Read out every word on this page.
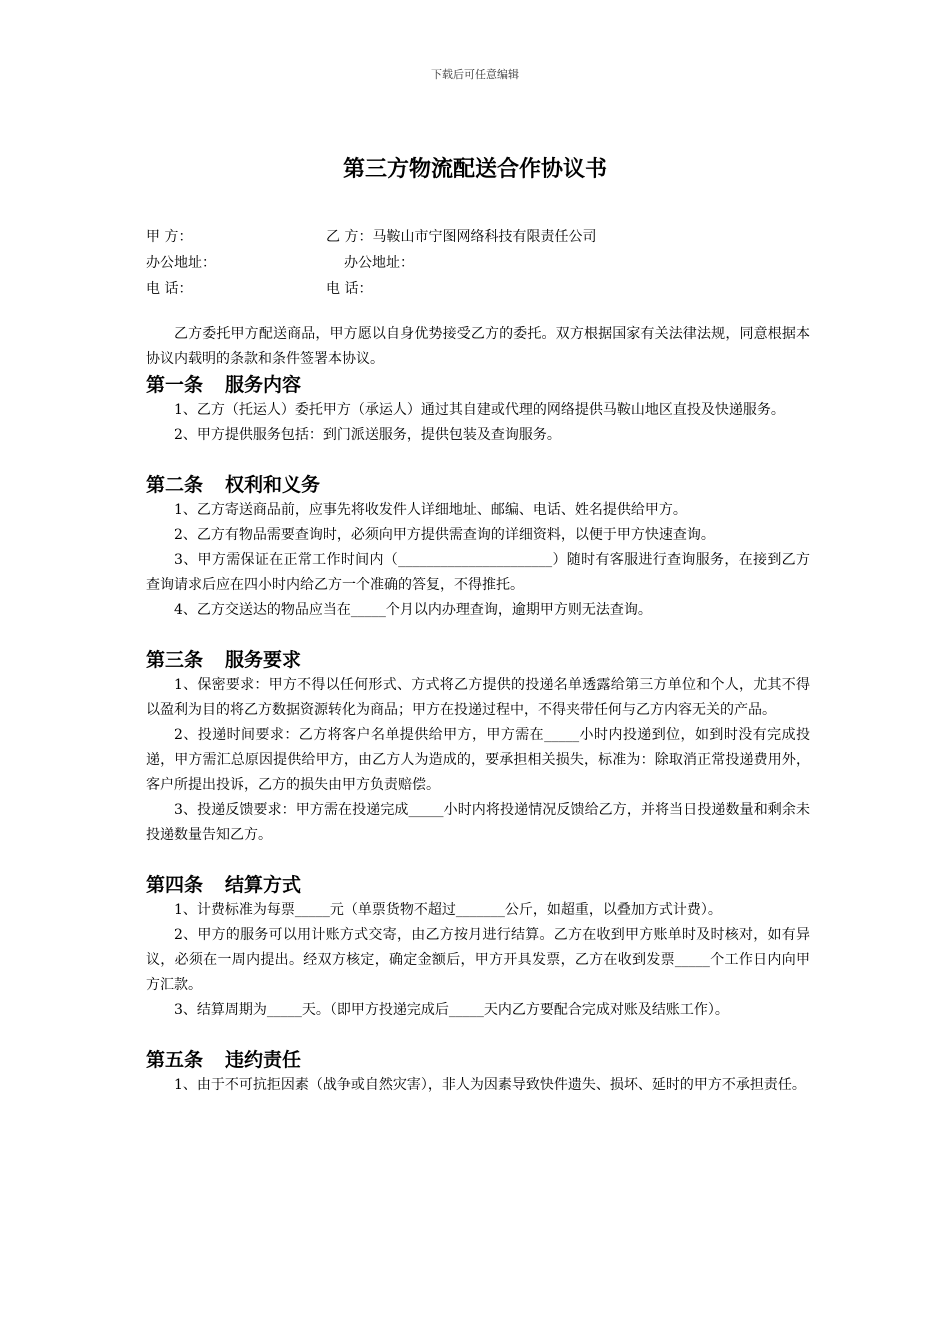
下载后可任意编辑
第三方物流配送合作协议书
甲 方：	乙 方：马鞍山市宁图网络科技有限责任公司
办公地址：	办公地址：
电 话：	电 话：

乙方委托甲方配送商品，甲方愿以自身优势接受乙方的委托。双方根据国家有关法律法规，同意根据本协议内载明的条款和条件签署本协议。

第一条 服务内容

1、乙方（托运人）委托甲方（承运人）通过其自建或代理的网络提供马鞍山地区直投及快递服务。

2、甲方提供服务包括：到门派送服务，提供包装及查询服务。

第二条 权利和义务

1、乙方寄送商品前，应事先将收发件人详细地址、邮编、电话、姓名提供给甲方。

2、乙方有物品需要查询时，必须向甲方提供需查询的详细资料，以便于甲方快速查询。

3、甲方需保证在正常工作时间内（______________________）随时有客服进行查询服务，在接到乙方查询请求后应在四小时内给乙方一个准确的答复，不得推托。

4、乙方交送达的物品应当在_____个月以内办理查询，逾期甲方则无法查询。

第三条 服务要求

1、保密要求：甲方不得以任何形式、方式将乙方提供的投递名单透露给第三方单位和个人，尤其不得以盈利为目的将乙方数据资源转化为商品；甲方在投递过程中，不得夹带任何与乙方内容无关的产品。

2、投递时间要求：乙方将客户名单提供给甲方，甲方需在_____小时内投递到位，如到时没有完成投递，甲方需汇总原因提供给甲方，由乙方人为造成的，要承担相关损失，标准为：除取消正常投递费用外，客户所提出投诉，乙方的损失由甲方负责赔偿。

3、投递反馈要求：甲方需在投递完成_____小时内将投递情况反馈给乙方，并将当日投递数量和剩余未投递数量告知乙方。

第四条 结算方式

1、计费标准为每票_____元（单票货物不超过_______公斤，如超重，以叠加方式计费）。

2、甲方的服务可以用计账方式交寄，由乙方按月进行结算。乙方在收到甲方账单时及时核对，如有异议，必须在一周内提出。经双方核定，确定金额后，甲方开具发票，乙方在收到发票_____个工作日内向甲方汇款。

3、结算周期为_____天。（即甲方投递完成后_____天内乙方要配合完成对账及结账工作）。

第五条 违约责任

1、由于不可抗拒因素（战争或自然灾害），非人为因素导致快件遗失、损坏、延时的甲方不承担责任。
